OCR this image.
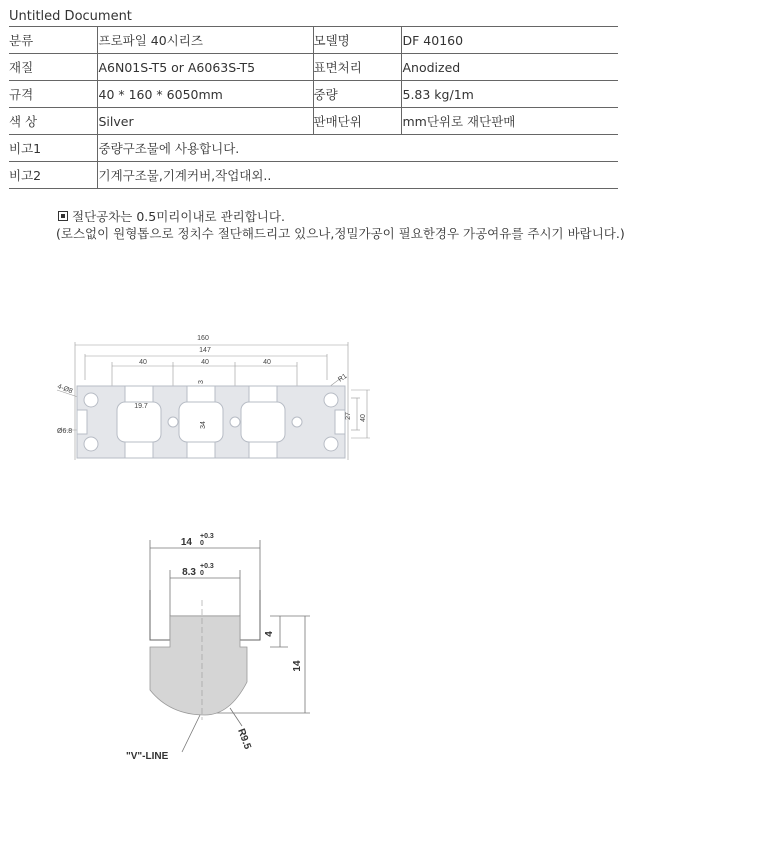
Untitled Document
분류	프로파일 40시리즈	모델명	DF 40160
재질	A6N01S-T5 or A6063S-T5	표면처리	Anodized
규격	40 * 160 * 6050mm	중량	5.83 kg/1m
색 상	Silver	판매단위	mm단위로 재단판매
비고1	중량구조물에 사용합니다.		
비고2	기계구조물,기계커버,작업대외..		
절단공차는 0.5미리이내로 관리합니다.
(로스없이 원형톱으로 정치수 절단해드리고 있으나,정밀가공이 필요한경우 가공여유를 주시기 바랍니다.)
160
147
40	40	40
3
4-Ø8
R1
19.7
34
27 40
Ø6.8
14
+0.3
0
8.3
+0.3
0
4
14
R9.5
"V"-LINE
